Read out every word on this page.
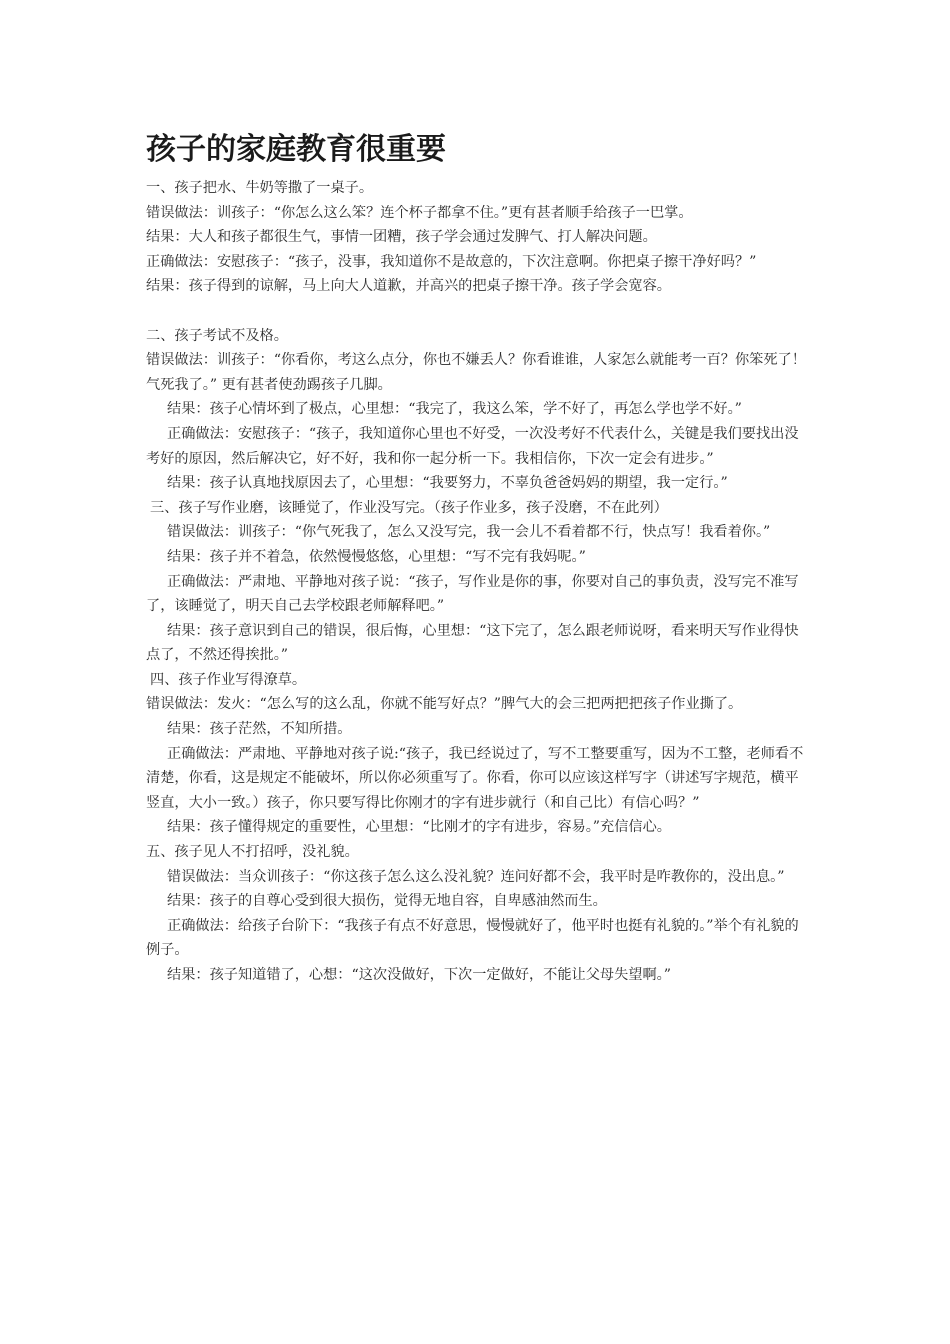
孩子的家庭教育很重要

一、孩子把水、牛奶等撒了一桌子。

错误做法：训孩子：“你怎么这么笨？连个杯子都拿不住。”更有甚者顺手给孩子一巴掌。

结果：大人和孩子都很生气，事情一团糟，孩子学会通过发脾气、打人解决问题。

正确做法：安慰孩子：“孩子，没事，我知道你不是故意的，下次注意啊。你把桌子擦干净好吗？”

结果：孩子得到的谅解，马上向大人道歉，并高兴的把桌子擦干净。孩子学会宽容。

二、孩子考试不及格。

错误做法：训孩子：“你看你，考这么点分，你也不嫌丢人？你看谁谁，人家怎么就能考一百？你笨死了！气死我了。” 更有甚者使劲踢孩子几脚。

结果：孩子心情坏到了极点，心里想：“我完了，我这么笨，学不好了，再怎么学也学不好。”

正确做法：安慰孩子：“孩子，我知道你心里也不好受，一次没考好不代表什么，关键是我们要找出没考好的原因，然后解决它，好不好，我和你一起分析一下。我相信你，下次一定会有进步。”

结果：孩子认真地找原因去了，心里想：“我要努力，不辜负爸爸妈妈的期望，我一定行。”

三、孩子写作业磨，该睡觉了，作业没写完。（孩子作业多，孩子没磨，不在此列）

错误做法：训孩子：“你气死我了，怎么又没写完，我一会儿不看着都不行，快点写！我看着你。”

结果：孩子并不着急，依然慢慢悠悠，心里想：“写不完有我妈呢。”

正确做法：严肃地、平静地对孩子说：“孩子，写作业是你的事，你要对自己的事负责，没写完不准写了，该睡觉了，明天自己去学校跟老师解释吧。”

结果：孩子意识到自己的错误，很后悔，心里想：“这下完了，怎么跟老师说呀，看来明天写作业得快点了，不然还得挨批。”

四、孩子作业写得潦草。

错误做法：发火：“怎么写的这么乱，你就不能写好点？”脾气大的会三把两把把孩子作业撕了。

结果：孩子茫然，不知所措。

正确做法：严肃地、平静地对孩子说:“孩子，我已经说过了，写不工整要重写，因为不工整，老师看不清楚，你看，这是规定不能破坏，所以你必须重写了。你看，你可以应该这样写字（讲述写字规范，横平竖直，大小一致。）孩子，你只要写得比你刚才的字有进步就行（和自己比）有信心吗？”

结果：孩子懂得规定的重要性，心里想：“比刚才的字有进步，容易。”充信信心。

五、孩子见人不打招呼，没礼貌。

错误做法：当众训孩子：“你这孩子怎么这么没礼貌？连问好都不会，我平时是咋教你的，没出息。”

结果：孩子的自尊心受到很大损伤，觉得无地自容，自卑感油然而生。

正确做法：给孩子台阶下：“我孩子有点不好意思，慢慢就好了，他平时也挺有礼貌的。”举个有礼貌的例子。

结果：孩子知道错了，心想：“这次没做好，下次一定做好，不能让父母失望啊。”
